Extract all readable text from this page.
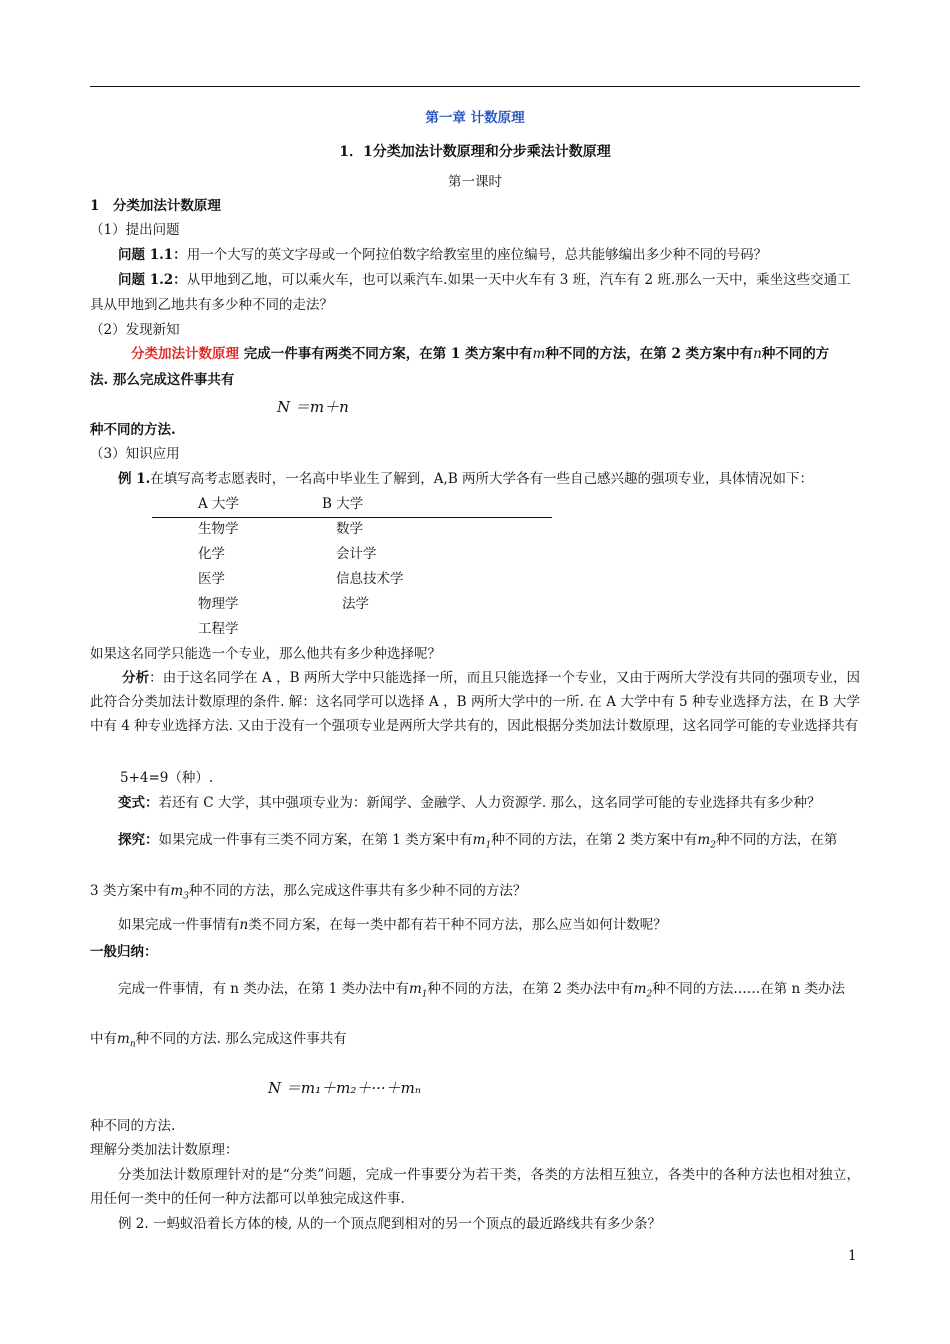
第一章 计数原理
1．1分类加法计数原理和分步乘法计数原理
第一课时
1　分类加法计数原理
（1）提出问题
问题 1.1：用一个大写的英文字母或一个阿拉伯数字给教室里的座位编号，总共能够编出多少种不同的号码？
问题 1.2：从甲地到乙地，可以乘火车，也可以乘汽车.如果一天中火车有 3 班，汽车有 2 班.那么一天中，乘坐这些交通工
具从甲地到乙地共有多少种不同的走法？
（2）发现新知
分类加法计数原理 完成一件事有两类不同方案，在第 1 类方案中有m种不同的方法，在第 2 类方案中有n种不同的方
法. 那么完成这件事共有
N ＝m＋n
种不同的方法.
（3）知识应用
例 1.在填写高考志愿表时，一名高中毕业生了解到，A,B 两所大学各有一些自己感兴趣的强项专业，具体情况如下：
A 大学	B 大学
生物学
化学
医学
物理学
工程学
数学
会计学
信息技术学
法学
如果这名同学只能选一个专业，那么他共有多少种选择呢？
分析：由于这名同学在 A ，B 两所大学中只能选择一所，而且只能选择一个专业，又由于两所大学没有共同的强项专业，因此符合分类加法计数原理的条件. 解：这名同学可以选择 A ，B 两所大学中的一所. 在 A 大学中有 5 种专业选择方法，在 B 大学中有 4 种专业选择方法. 又由于没有一个强项专业是两所大学共有的，因此根据分类加法计数原理，这名同学可能的专业选择共有
5+4=9（种）.
变式：若还有 C 大学，其中强项专业为：新闻学、金融学、人力资源学. 那么，这名同学可能的专业选择共有多少种？
探究：如果完成一件事有三类不同方案，在第 1 类方案中有$m_1$种不同的方法，在第 2 类方案中有$m_2$种不同的方法，在第
3 类方案中有$m_3$种不同的方法，那么完成这件事共有多少种不同的方法？
如果完成一件事情有n类不同方案，在每一类中都有若干种不同方法，那么应当如何计数呢？
一般归纳：
完成一件事情，有 n 类办法，在第 1 类办法中有$m_1$种不同的方法，在第 2 类办法中有$m_2$种不同的方法……在第 n 类办法
中有$m_n$种不同的方法. 那么完成这件事共有
N ＝m₁＋m₂＋···＋mₙ
种不同的方法.
理解分类加法计数原理：
分类加法计数原理针对的是“分类”问题，完成一件事要分为若干类，各类的方法相互独立，各类中的各种方法也相对独立，用任何一类中的任何一种方法都可以单独完成这件事.
例 2. 一蚂蚁沿着长方体的棱, 从的一个顶点爬到相对的另一个顶点的最近路线共有多少条？
1
